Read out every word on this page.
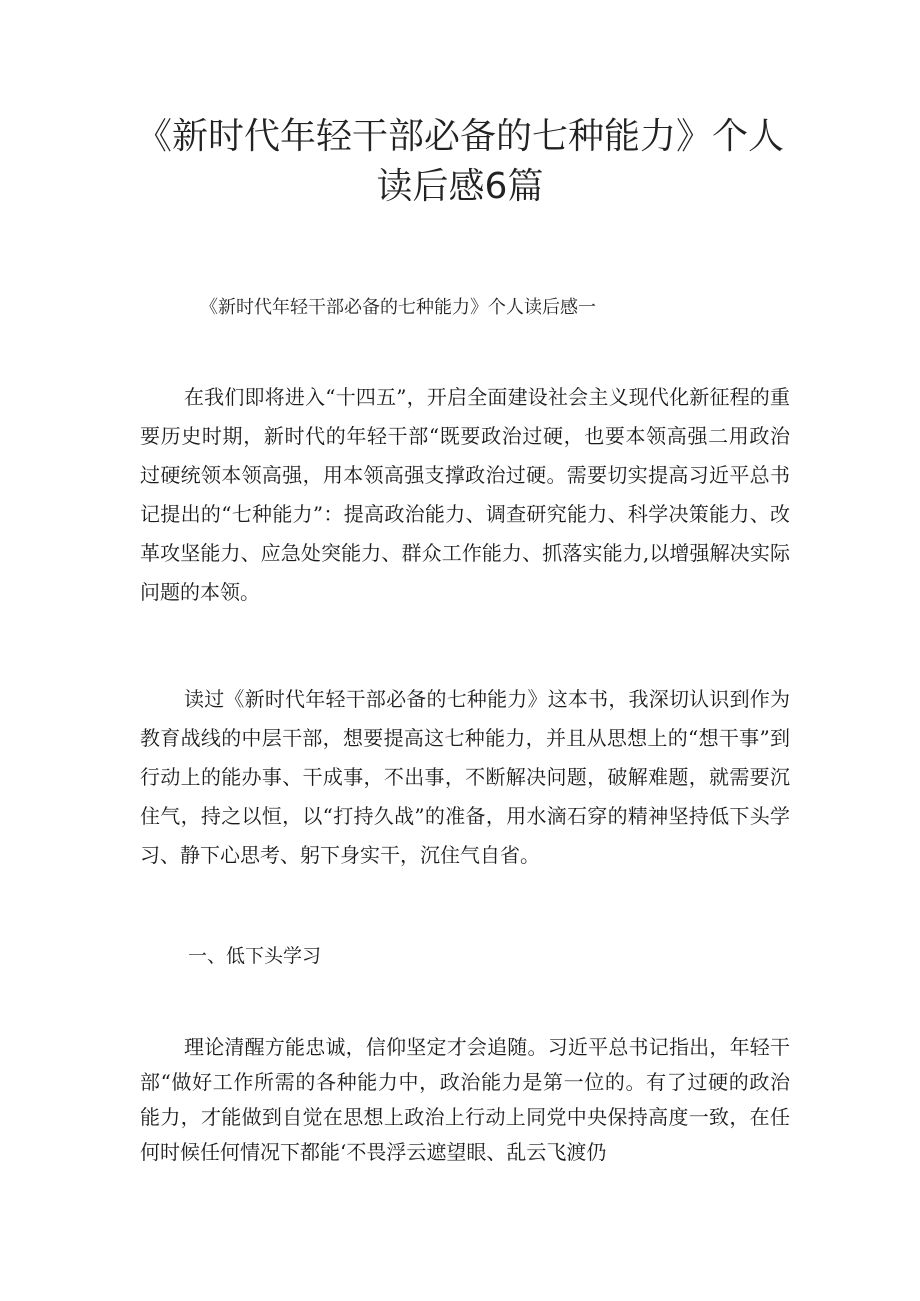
《新时代年轻干部必备的七种能力》个人读后感6篇
《新时代年轻干部必备的七种能力》个人读后感一

在我们即将进入“十四五”，开启全面建设社会主义现代化新征程的重要历史时期，新时代的年轻干部“既要政治过硬，也要本领高强二用政治过硬统领本领高强，用本领高强支撑政治过硬。需要切实提高习近平总书记提出的“七种能力”：提高政治能力、调查研究能力、科学决策能力、改革攻坚能力、应急处突能力、群众工作能力、抓落实能力,以增强解决实际问题的本领。

读过《新时代年轻干部必备的七种能力》这本书，我深切认识到作为教育战线的中层干部，想要提高这七种能力，并且从思想上的“想干事”到行动上的能办事、干成事，不出事，不断解决问题，破解难题，就需要沉住气，持之以恒，以“打持久战”的准备，用水滴石穿的精神坚持低下头学习、静下心思考、躬下身实干，沉住气自省。

一、低下头学习

理论清醒方能忠诚，信仰坚定才会追随。习近平总书记指出，年轻干部“做好工作所需的各种能力中，政治能力是第一位的。有了过硬的政治能力，才能做到自觉在思想上政治上行动上同党中央保持高度一致，在任何时候任何情况下都能‘不畏浮云遮望眼、乱云飞渡仍
